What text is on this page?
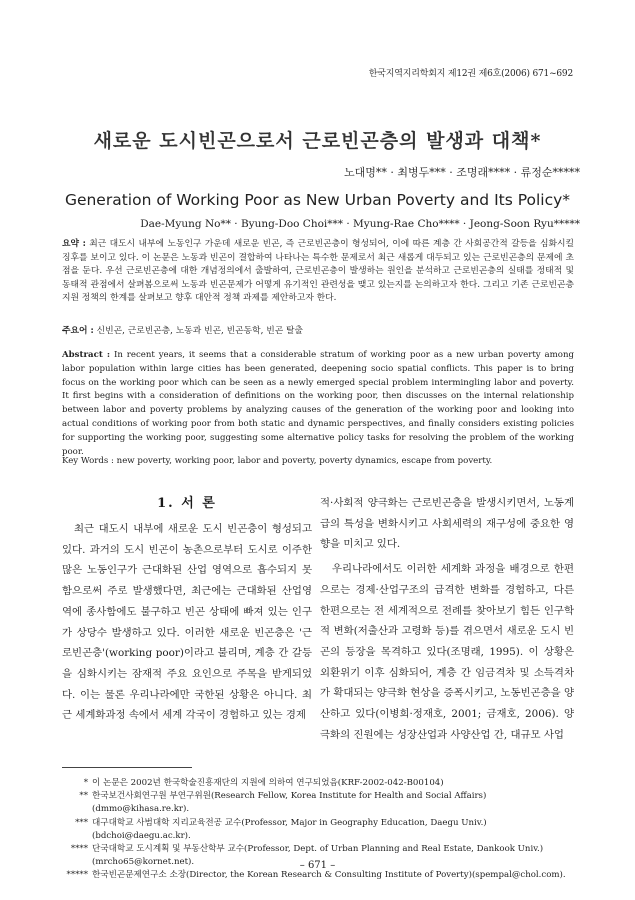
한국지역지리학회지 제12권 제6호(2006) 671~692
새로운 도시빈곤으로서 근로빈곤층의 발생과 대책*
노대명** · 최병두*** · 조명래**** · 류정순*****
Generation of Working Poor as New Urban Poverty and Its Policy*
Dae-Myung No** · Byung-Doo Choi*** · Myung-Rae Cho**** · Jeong-Soon Ryu*****
요약 : 최근 대도시 내부에 노동인구 가운데 새로운 빈곤, 즉 근로빈곤층이 형성되어, 이에 따른 계층 간 사회공간적 갈등을 심화시킬 징후를 보이고 있다. 이 논문은 노동과 빈곤이 결합하여 나타나는 특수한 문제로서 최근 새롭게 대두되고 있는 근로빈곤층의 문제에 초점을 둔다. 우선 근로빈곤층에 대한 개념정의에서 출발하여, 근로빈곤층이 발생하는 원인을 분석하고 근로빈곤층의 실태를 정태적 및 동태적 관점에서 살펴봄으로써 노동과 빈곤문제가 어떻게 유기적인 관련성을 맺고 있는지를 논의하고자 한다. 그리고 기존 근로빈곤층 지원 정책의 한계를 살펴보고 향후 대안적 정책 과제를 제안하고자 한다.
주요어 : 신빈곤, 근로빈곤층, 노동과 빈곤, 빈곤동학, 빈곤 탈출
Abstract : In recent years, it seems that a considerable stratum of working poor as a new urban poverty among labor population within large cities has been generated, deepening socio spatial conflicts. This paper is to bring focus on the working poor which can be seen as a newly emerged special problem intermingling labor and poverty. It first begins with a consideration of definitions on the working poor, then discusses on the internal relationship between labor and poverty problems by analyzing causes of the generation of the working poor and looking into actual conditions of working poor from both static and dynamic perspectives, and finally considers existing policies for supporting the working poor, suggesting some alternative policy tasks for resolving the problem of the working poor.
Key Words : new poverty, working poor, labor and poverty, poverty dynamics, escape from poverty.
1. 서 론

최근 대도시 내부에 새로운 도시 빈곤층이 형성되고 있다. 과거의 도시 빈곤이 농촌으로부터 도시로 이주한 많은 노동인구가 근대화된 산업 영역으로 흡수되지 못함으로써 주로 발생했다면, 최근에는 근대화된 산업영역에 종사함에도 불구하고 빈곤 상태에 빠져 있는 인구가 상당수 발생하고 있다. 이러한 새로운 빈곤층은 '근로빈곤층'(working poor)이라고 불리며, 계층 간 갈등을 심화시키는 잠재적 주요 요인으로 주목을 받게되었다. 이는 물론 우리나라에만 국한된 상황은 아니다. 최근 세계화과정 속에서 세계 각국이 경험하고 있는 경제

적·사회적 양극화는 근로빈곤층을 발생시키면서, 노동계급의 특성을 변화시키고 사회세력의 재구성에 중요한 영향을 미치고 있다.

우리나라에서도 이러한 세계화 과정을 배경으로 한편으로는 경제·산업구조의 급격한 변화를 경험하고, 다른 한편으로는 전 세계적으로 전례를 찾아보기 힘든 인구학적 변화(저출산과 고령화 등)를 겪으면서 새로운 도시 빈곤의 등장을 목격하고 있다(조명래, 1995). 이 상황은 외환위기 이후 심화되어, 계층 간 임금격차 및 소득격차가 확대되는 양극화 현상을 증폭시키고, 노동빈곤층을 양산하고 있다(이병희·정재호, 2001; 금재호, 2006). 양극화의 진원에는 성장산업과 사양산업 간, 대규모 사업

* 이 논문은 2002년 한국학술진흥재단의 지원에 의하여 연구되었음(KRF-2002-042-B00104)
** 한국보건사회연구원 부연구위원(Research Fellow, Korea Institute for Health and Social Affairs)(dmmo@kihasa.re.kr).
*** 대구대학교 사범대학 지리교육전공 교수(Professor, Major in Geography Education, Daegu Univ.)(bdchoi@daegu.ac.kr).
**** 단국대학교 도시계획 및 부동산학부 교수(Professor, Dept. of Urban Planning and Real Estate, Dankook Univ.)(mrcho65@kornet.net).
***** 한국빈곤문제연구소 소장(Director, the Korean Research & Consulting Institute of Poverty)(spempal@chol.com).
– 671 –
